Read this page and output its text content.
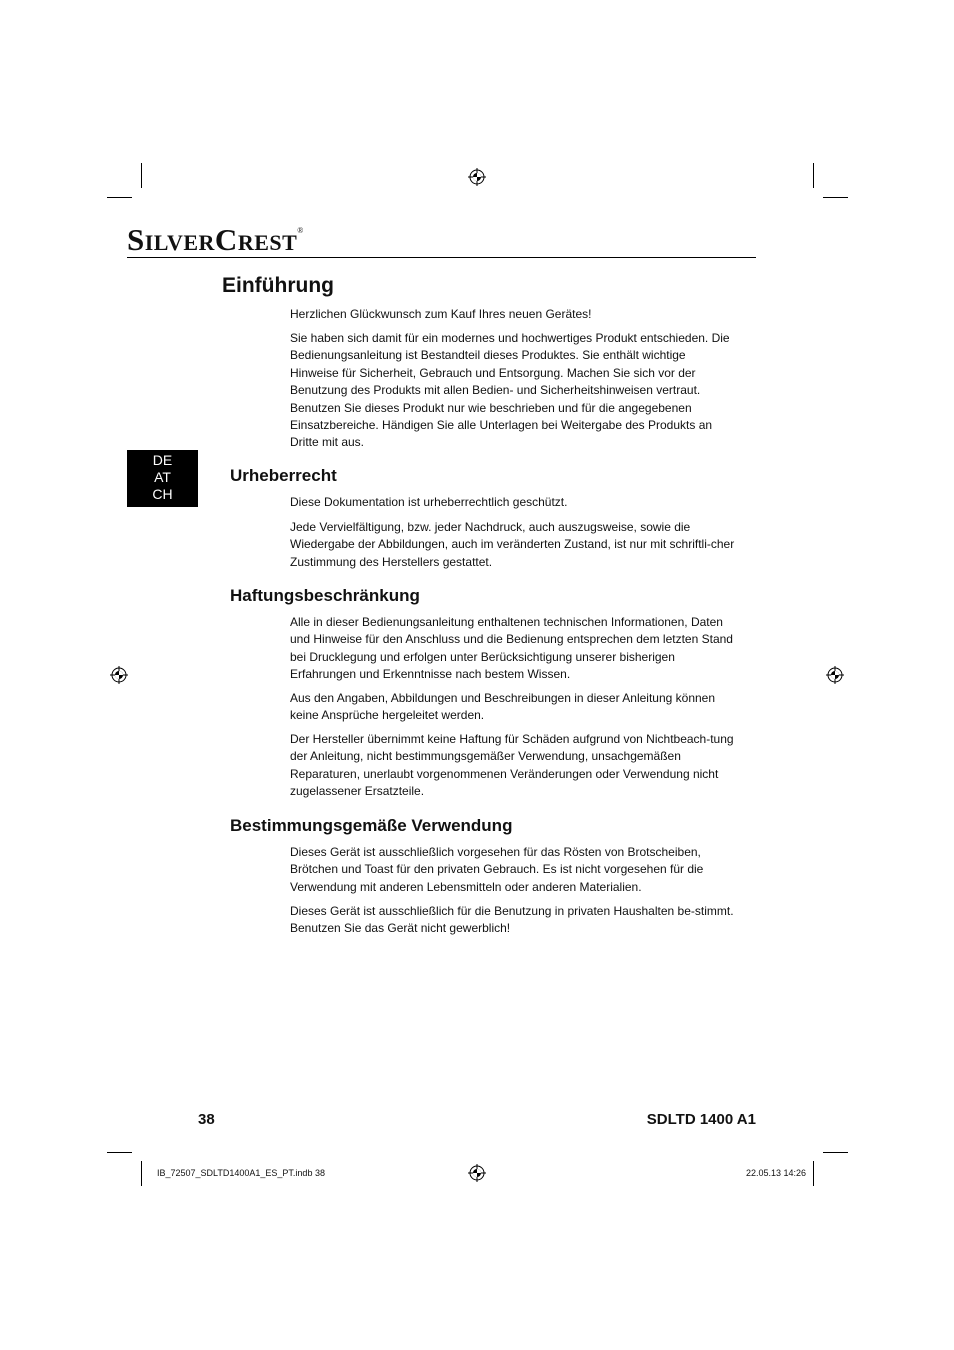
SILVERCREST®
DE
AT
CH
Einführung

Herzlichen Glückwunsch zum Kauf Ihres neuen Gerätes!

Sie haben sich damit für ein modernes und hochwertiges Produkt entschieden. Die Bedienungsanleitung ist Bestandteil dieses Produktes. Sie enthält wichtige Hinweise für Sicherheit, Gebrauch und Entsorgung. Machen Sie sich vor der Benutzung des Produkts mit allen Bedien- und Sicherheitshinweisen vertraut. Benutzen Sie dieses Produkt nur wie beschrieben und für die angegebenen Einsatzbereiche. Händigen Sie alle Unterlagen bei Weitergabe des Produkts an Dritte mit aus.

Urheberrecht

Diese Dokumentation ist urheberrechtlich geschützt.

Jede Vervielfältigung, bzw. jeder Nachdruck, auch auszugsweise, sowie die Wiedergabe der Abbildungen, auch im veränderten Zustand, ist nur mit schriftli-cher Zustimmung des Herstellers gestattet.

Haftungsbeschränkung

Alle in dieser Bedienungsanleitung enthaltenen technischen Informationen, Daten und Hinweise für den Anschluss und die Bedienung entsprechen dem letzten Stand bei Drucklegung und erfolgen unter Berücksichtigung unserer bisherigen Erfahrungen und Erkenntnisse nach bestem Wissen.

Aus den Angaben, Abbildungen und Beschreibungen in dieser Anleitung können keine Ansprüche hergeleitet werden.

Der Hersteller übernimmt keine Haftung für Schäden aufgrund von Nichtbeach-tung der Anleitung, nicht bestimmungsgemäßer Verwendung, unsachgemäßen Reparaturen, unerlaubt vorgenommenen Veränderungen oder Verwendung nicht zugelassener Ersatzteile.

Bestimmungsgemäße Verwendung

Dieses Gerät ist ausschließlich vorgesehen für das Rösten von Brotscheiben, Brötchen und Toast für den privaten Gebrauch. Es ist nicht vorgesehen für die Verwendung mit anderen Lebensmitteln oder anderen Materialien.

Dieses Gerät ist ausschließlich für die Benutzung in privaten Haushalten be-stimmt. Benutzen Sie das Gerät nicht gewerblich!

38	SDLTD 1400 A1
IB_72507_SDLTD1400A1_ES_PT.indb 38	22.05.13 14:26
